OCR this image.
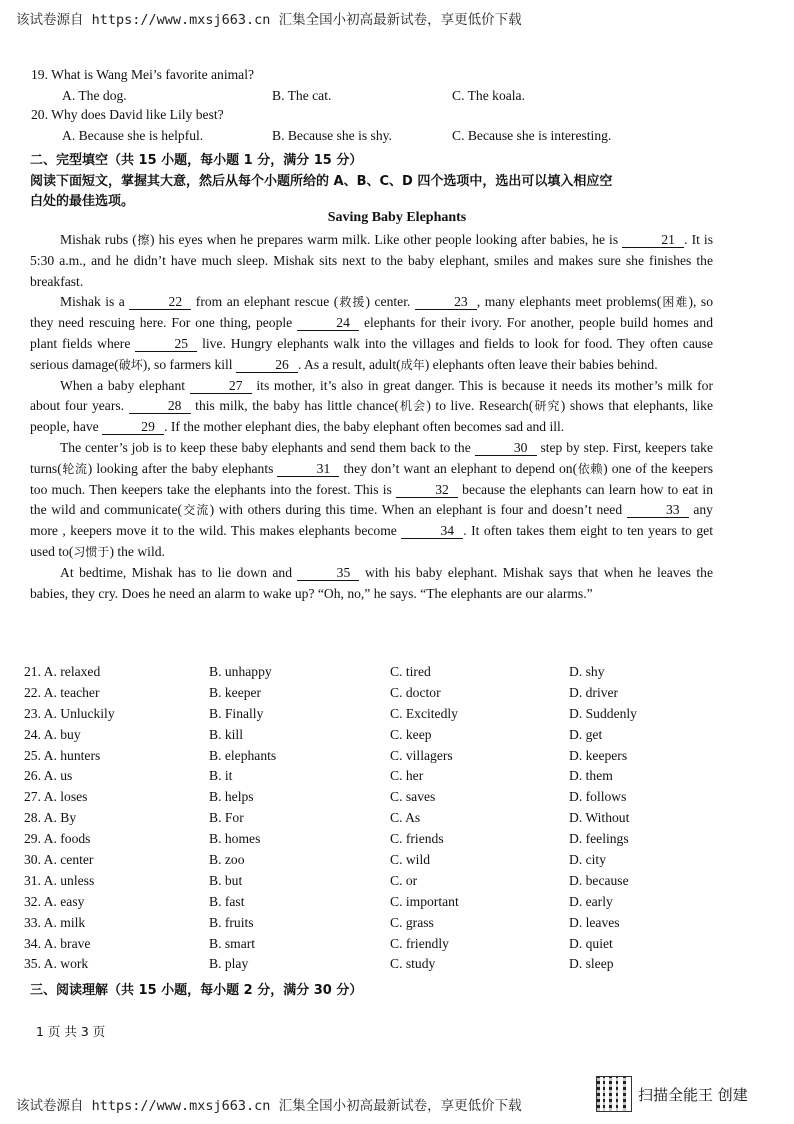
该试卷源自 https://www.mxsj663.cn 汇集全国小初高最新试卷，享更低价下载
19. What is Wang Mei’s favorite animal?
A. The dog.	B. The cat.	C. The koala.
20. Why does David like Lily best?
A. Because she is helpful.	B. Because she is shy.	C. Because she is interesting.
二、完型填空（共 15 小题，每小题 1 分，满分 15 分）
阅读下面短文，掌握其大意，然后从每个小题所给的 A、B、C、D 四个选项中，选出可以填入相应空
白处的最佳选项。
Saving Baby Elephants

Mishak rubs (擦) his eyes when he prepares warm milk. Like other people looking after babies, he is	21 . It is 5:30 a.m., and he didn’t have much sleep. Mishak sits next to the baby elephant, smiles and makes sure she finishes the breakfast.

Mishak is a	22 from an elephant rescue (救援) center.	23 , many elephants meet problems(困难), so they need rescuing here. For one thing, people	24 elephants for their ivory. For another, people build homes and plant fields where	25 live. Hungry elephants walk into the villages and fields to look for food. They often cause serious damage(破坏), so farmers kill	26 . As a result, adult(成年) elephants often leave their babies behind.

When a baby elephant	27 its mother, it’s also in great danger. This is because it needs its mother’s milk for about four years.	28 this milk, the baby has little chance(机会) to live. Research(研究) shows that elephants, like people, have	29 . If the mother elephant dies, the baby elephant often becomes sad and ill.

The center’s job is to keep these baby elephants and send them back to the	30 step by step. First, keepers take turns(轮流) looking after the baby elephants	31 they don’t want an elephant to depend on(依赖) one of the keepers too much. Then keepers take the elephants into the forest. This is	32 because the elephants can learn how to eat in the wild and communicate(交流) with others during this time. When an elephant is four and doesn’t need	33 any more , keepers move it to the wild. This makes elephants become	34 . It often takes them eight to ten years to get used to(习惯于) the wild.

At bedtime, Mishak has to lie down and	35 with his baby elephant. Mishak says that when he leaves the babies, they cry. Does he need an alarm to wake up? “Oh, no,” he says. “The elephants are our alarms.”

21. A. relaxed	B. unhappy	C. tired	D. shy
22. A. teacher	B. keeper	C. doctor	D. driver
23. A. Unluckily	B. Finally	C. Excitedly	D. Suddenly
24. A. buy	B. kill	C. keep	D. get
25. A. hunters	B. elephants	C. villagers	D. keepers
26. A. us	B. it	C. her	D. them
27. A. loses	B. helps	C. saves	D. follows
28. A. By	B. For	C. As	D. Without
29. A. foods	B. homes	C. friends	D. feelings
30. A. center	B. zoo	C. wild	D. city
31. A. unless	B. but	C. or	D. because
32. A. easy	B. fast	C. important	D. early
33. A. milk	B. fruits	C. grass	D. leaves
34. A. brave	B. smart	C. friendly	D. quiet
35. A. work	B. play	C. study	D. sleep
三、阅读理解（共 15 小题，每小题 2 分，满分 30 分）
1 页 共 3 页
该试卷源自 https://www.mxsj663.cn 汇集全国小初高最新试卷，享更低价下载
扫描全能王 创建
